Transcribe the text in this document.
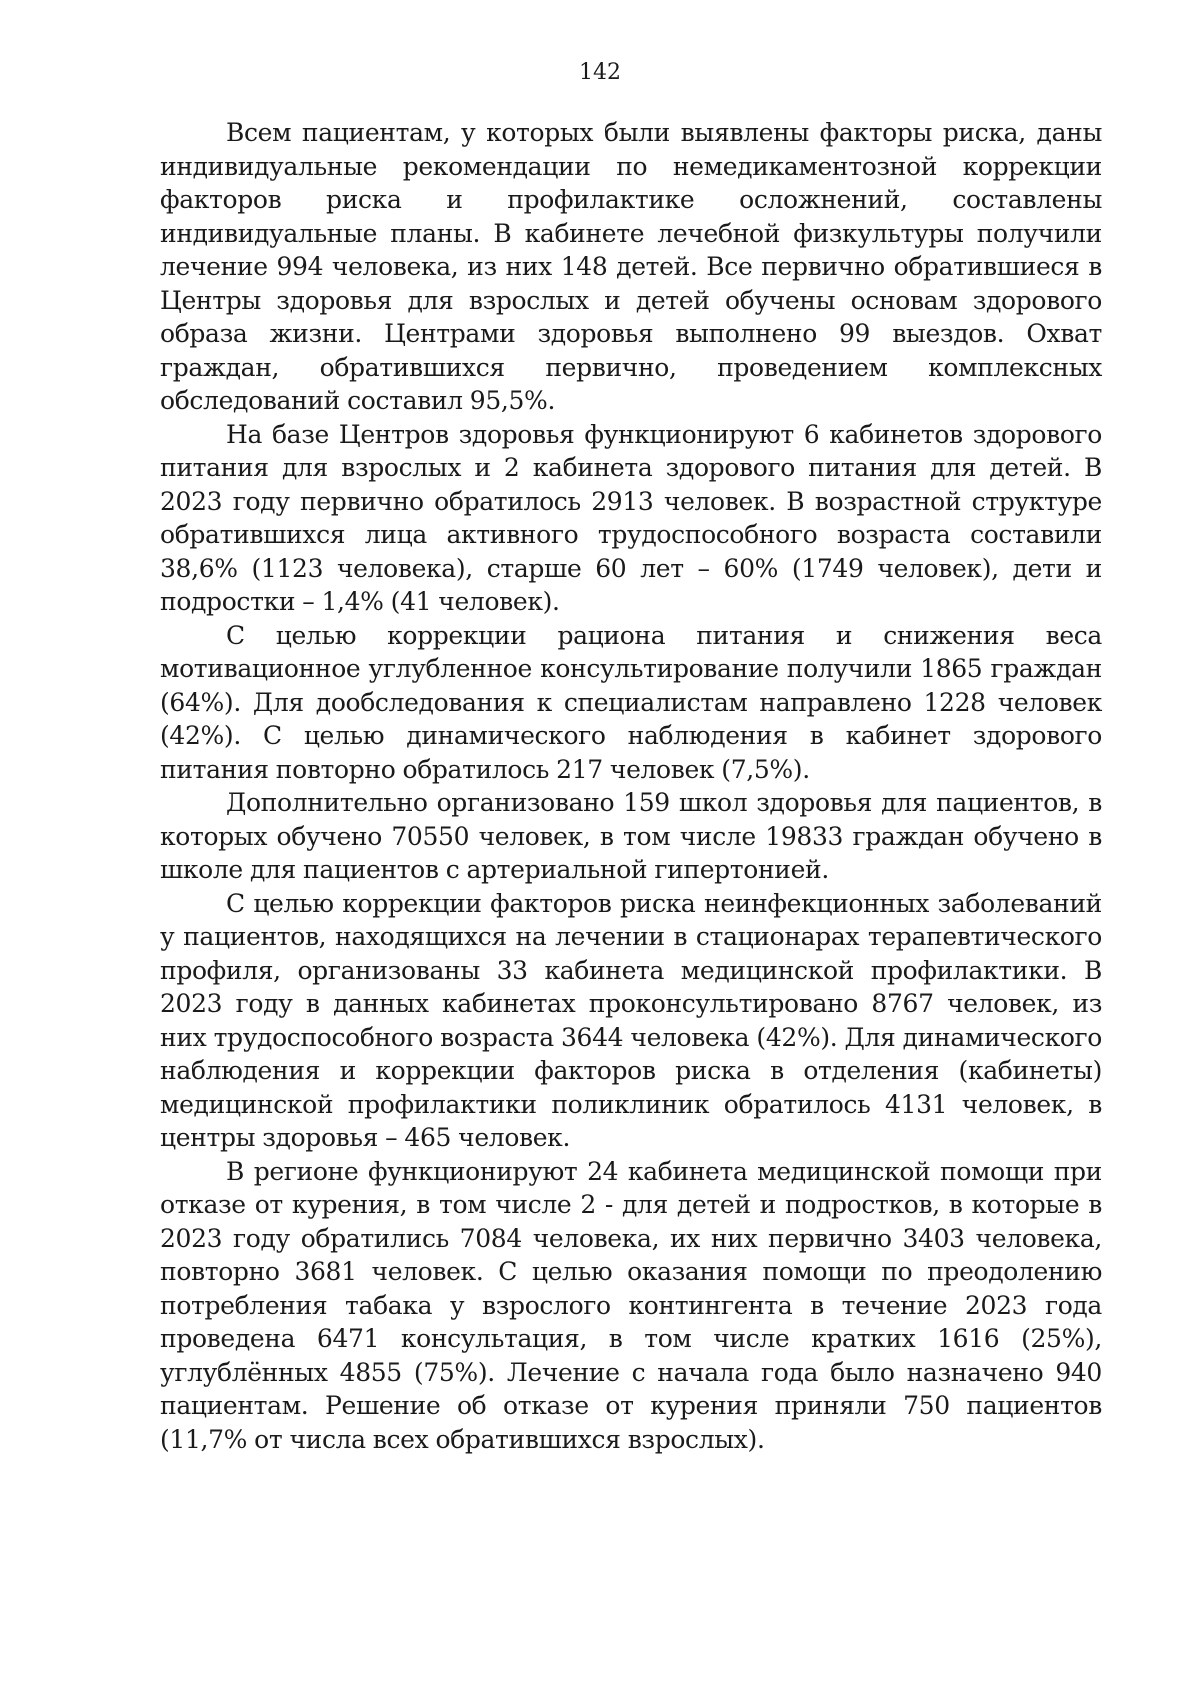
142

Всем пациентам, у которых были выявлены факторы риска, даны индивидуальные рекомендации по немедикаментозной коррекции факторов риска и профилактике осложнений, составлены индивидуальные планы. В кабинете лечебной физкультуры получили лечение 994 человека, из них 148 детей. Все первично обратившиеся в Центры здоровья для взрослых и детей обучены основам здорового образа жизни. Центрами здоровья выполнено 99 выездов. Охват граждан, обратившихся первично, проведением комплексных обследований составил 95,5%.

На базе Центров здоровья функционируют 6 кабинетов здорового питания для взрослых и 2 кабинета здорового питания для детей. В 2023 году первично обратилось 2913 человек. В возрастной структуре обратившихся лица активного трудоспособного возраста составили 38,6% (1123 человека), старше 60 лет – 60% (1749 человек), дети и подростки – 1,4% (41 человек).

С целью коррекции рациона питания и снижения веса мотивационное углубленное консультирование получили 1865 граждан (64%). Для дообследования к специалистам направлено 1228 человек (42%). С целью динамического наблюдения в кабинет здорового питания повторно обратилось 217 человек (7,5%).

Дополнительно организовано 159 школ здоровья для пациентов, в которых обучено 70550 человек, в том числе 19833 граждан обучено в школе для пациентов с артериальной гипертонией.

С целью коррекции факторов риска неинфекционных заболеваний у пациентов, находящихся на лечении в стационарах терапевтического профиля, организованы 33 кабинета медицинской профилактики. В 2023 году в данных кабинетах проконсультировано 8767 человек, из них трудоспособного возраста 3644 человека (42%). Для динамического наблюдения и коррекции факторов риска в отделения (кабинеты) медицинской профилактики поликлиник обратилось 4131 человек, в центры здоровья – 465 человек.

В регионе функционируют 24 кабинета медицинской помощи при отказе от курения, в том числе 2 - для детей и подростков, в которые в 2023 году обратились 7084 человека, их них первично 3403 человека, повторно 3681 человек. С целью оказания помощи по преодолению потребления табака у взрослого контингента в течение 2023 года проведена 6471 консультация, в том числе кратких 1616 (25%), углублённых 4855 (75%). Лечение с начала года было назначено 940 пациентам. Решение об отказе от курения приняли 750 пациентов (11,7% от числа всех обратившихся взрослых).
